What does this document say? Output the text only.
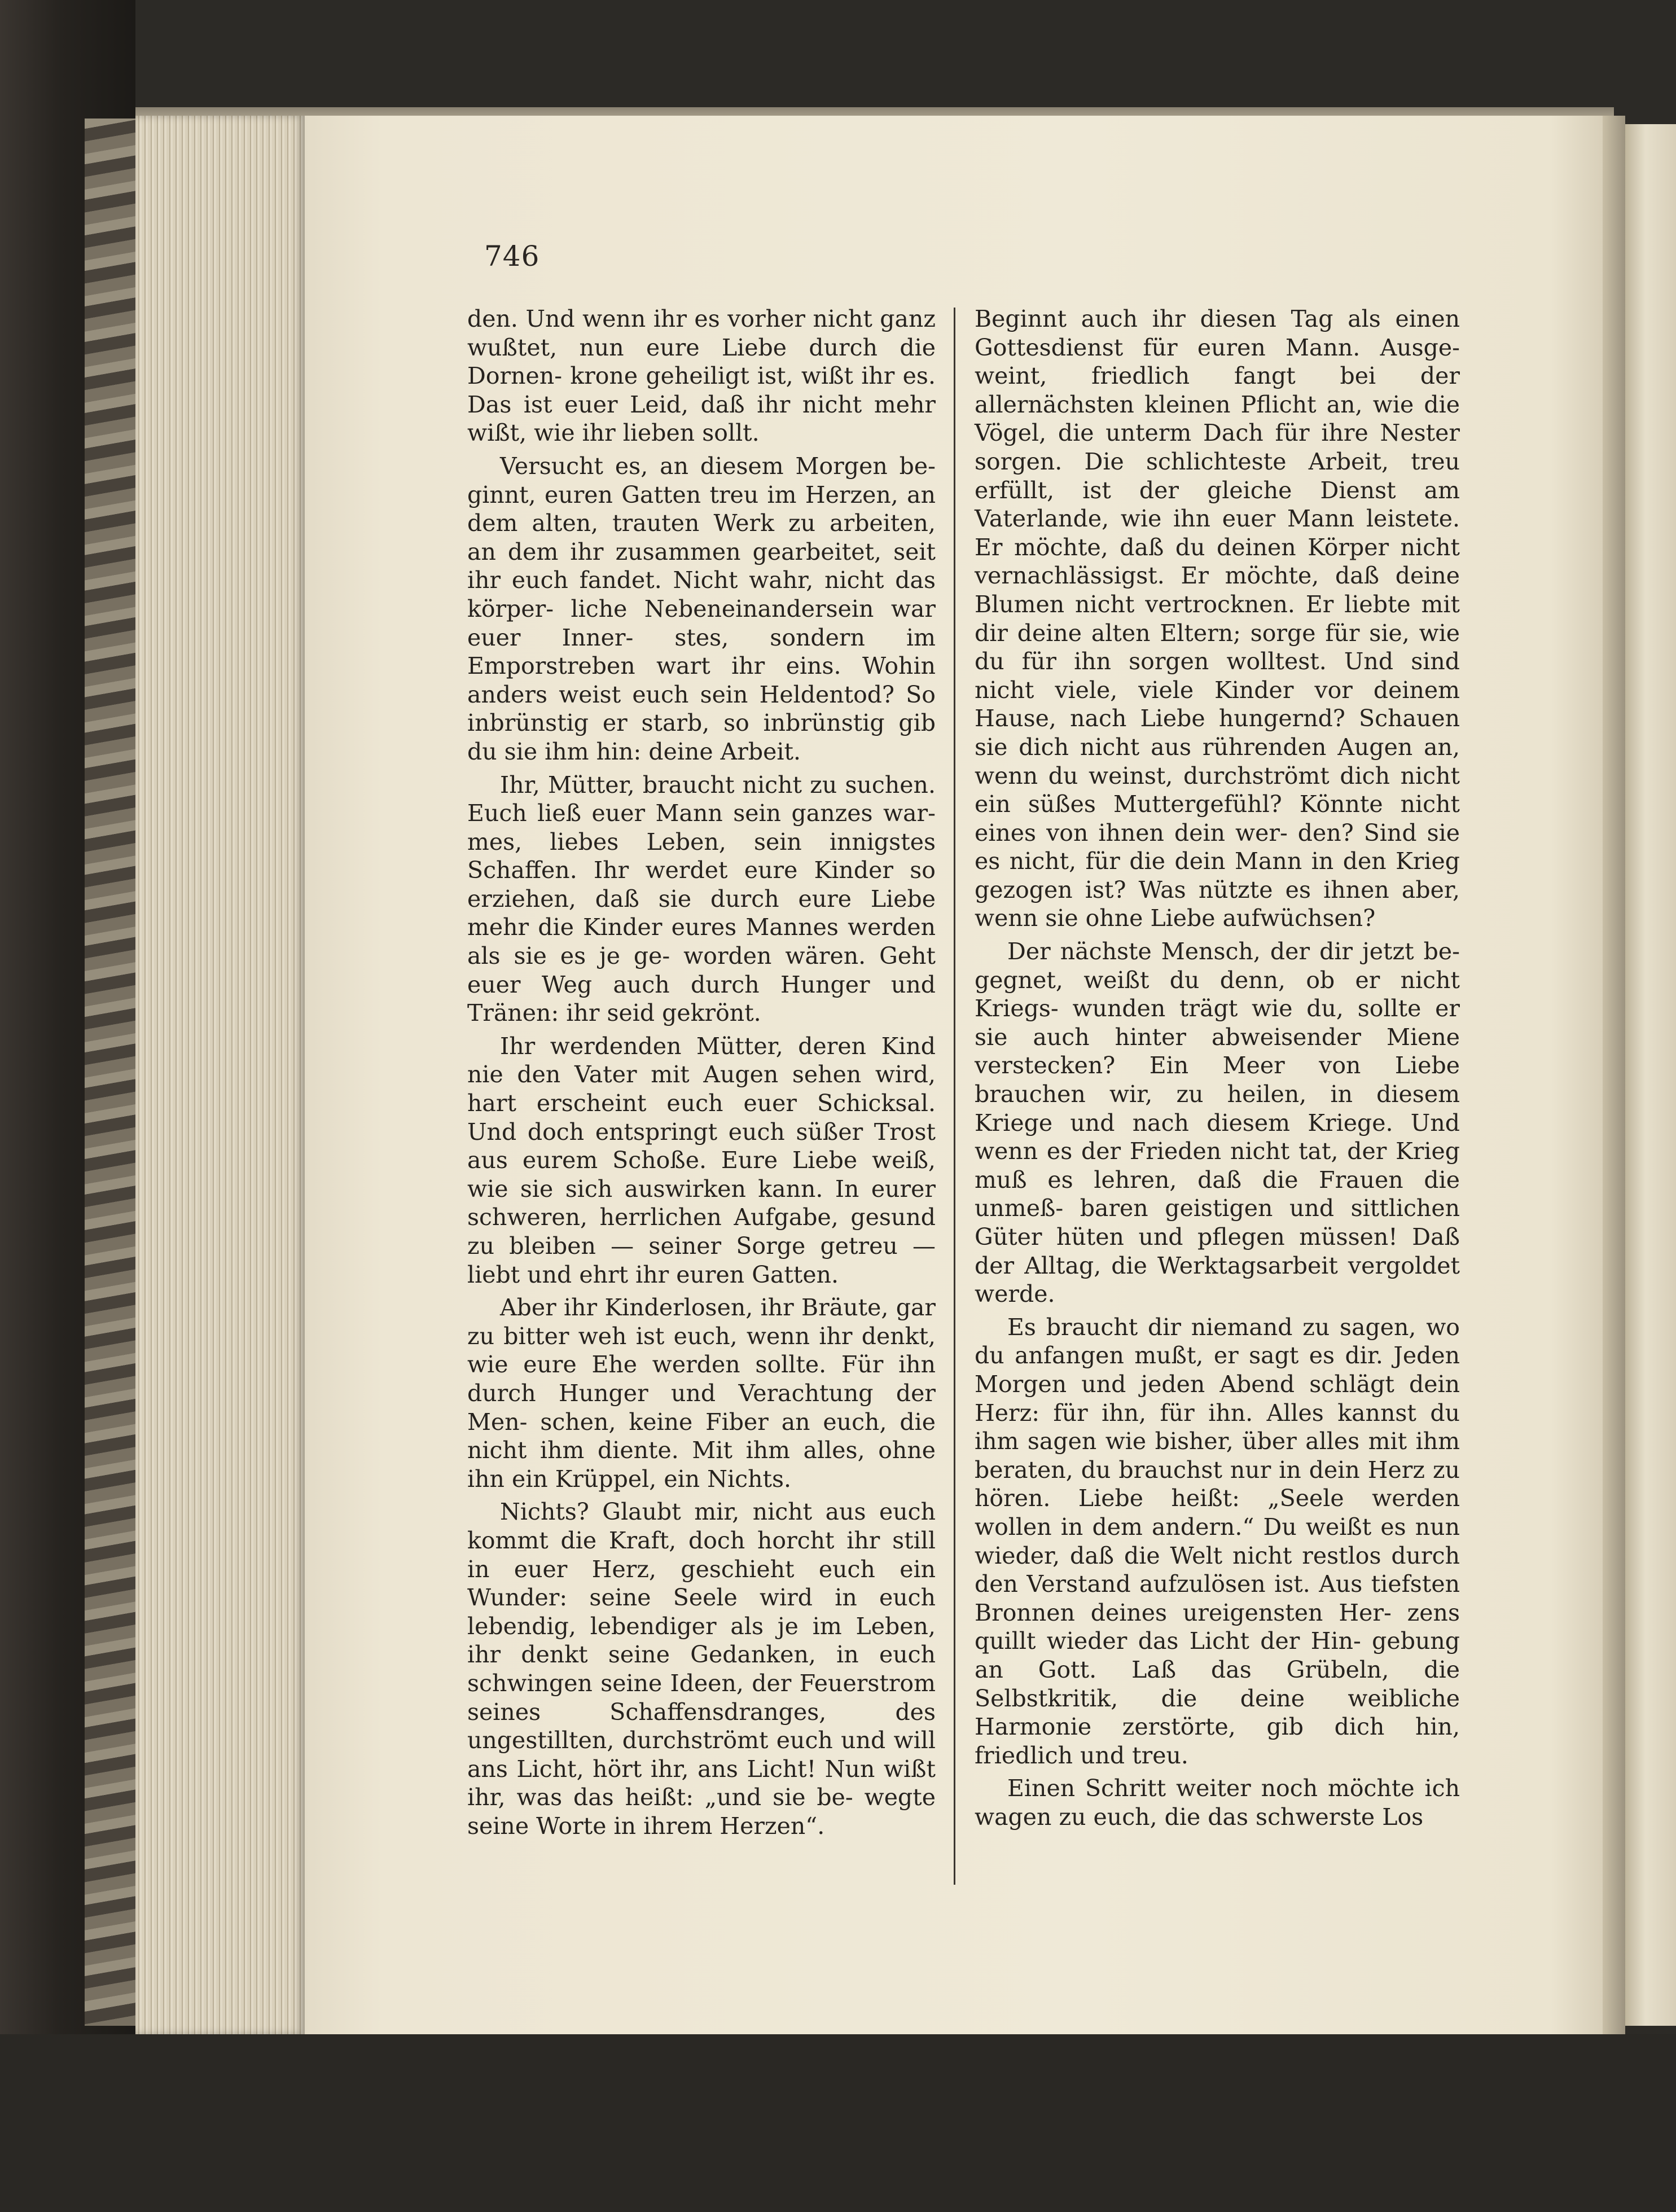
746

den. Und wenn ihr es vorher nicht ganz wußtet, nun eure Liebe durch die Dornen- krone geheiligt ist, wißt ihr es. Das ist euer Leid, daß ihr nicht mehr wißt, wie ihr lieben sollt.

Versucht es, an diesem Morgen be- ginnt, euren Gatten treu im Herzen, an dem alten, trauten Werk zu arbeiten, an dem ihr zusammen gearbeitet, seit ihr euch fandet. Nicht wahr, nicht das körper- liche Nebeneinandersein war euer Inner- stes, sondern im Emporstreben wart ihr eins. Wohin anders weist euch sein Heldentod? So inbrünstig er starb, so inbrünstig gib du sie ihm hin: deine Arbeit.

Ihr, Mütter, braucht nicht zu suchen. Euch ließ euer Mann sein ganzes war- mes, liebes Leben, sein innigstes Schaffen. Ihr werdet eure Kinder so erziehen, daß sie durch eure Liebe mehr die Kinder eures Mannes werden als sie es je ge- worden wären. Geht euer Weg auch durch Hunger und Tränen: ihr seid gekrönt.

Ihr werdenden Mütter, deren Kind nie den Vater mit Augen sehen wird, hart erscheint euch euer Schicksal. Und doch entspringt euch süßer Trost aus eurem Schoße. Eure Liebe weiß, wie sie sich auswirken kann. In eurer schweren, herrlichen Aufgabe, gesund zu bleiben — seiner Sorge getreu — liebt und ehrt ihr euren Gatten.

Aber ihr Kinderlosen, ihr Bräute, gar zu bitter weh ist euch, wenn ihr denkt, wie eure Ehe werden sollte. Für ihn durch Hunger und Verachtung der Men- schen, keine Fiber an euch, die nicht ihm diente. Mit ihm alles, ohne ihn ein Krüppel, ein Nichts.

Nichts? Glaubt mir, nicht aus euch kommt die Kraft, doch horcht ihr still in euer Herz, geschieht euch ein Wunder: seine Seele wird in euch lebendig, lebendiger als je im Leben, ihr denkt seine Gedanken, in euch schwingen seine Ideen, der Feuerstrom seines Schaffensdranges, des ungestillten, durchströmt euch und will ans Licht, hört ihr, ans Licht! Nun wißt ihr, was das heißt: „und sie be- wegte seine Worte in ihrem Herzen“.

Beginnt auch ihr diesen Tag als einen Gottesdienst für euren Mann. Ausge- weint, friedlich fangt bei der allernächsten kleinen Pflicht an, wie die Vögel, die unterm Dach für ihre Nester sorgen. Die schlichteste Arbeit, treu erfüllt, ist der gleiche Dienst am Vaterlande, wie ihn euer Mann leistete. Er möchte, daß du deinen Körper nicht vernachlässigst. Er möchte, daß deine Blumen nicht vertrocknen. Er liebte mit dir deine alten Eltern; sorge für sie, wie du für ihn sorgen wolltest. Und sind nicht viele, viele Kinder vor deinem Hause, nach Liebe hungernd? Schauen sie dich nicht aus rührenden Augen an, wenn du weinst, durchströmt dich nicht ein süßes Muttergefühl? Könnte nicht eines von ihnen dein wer- den? Sind sie es nicht, für die dein Mann in den Krieg gezogen ist? Was nützte es ihnen aber, wenn sie ohne Liebe aufwüchsen?

Der nächste Mensch, der dir jetzt be- gegnet, weißt du denn, ob er nicht Kriegs- wunden trägt wie du, sollte er sie auch hinter abweisender Miene verstecken? Ein Meer von Liebe brauchen wir, zu heilen, in diesem Kriege und nach diesem Kriege. Und wenn es der Frieden nicht tat, der Krieg muß es lehren, daß die Frauen die unmeß- baren geistigen und sittlichen Güter hüten und pflegen müssen! Daß der Alltag, die Werktagsarbeit vergoldet werde.

Es braucht dir niemand zu sagen, wo du anfangen mußt, er sagt es dir. Jeden Morgen und jeden Abend schlägt dein Herz: für ihn, für ihn. Alles kannst du ihm sagen wie bisher, über alles mit ihm beraten, du brauchst nur in dein Herz zu hören. Liebe heißt: „Seele werden wollen in dem andern.“ Du weißt es nun wieder, daß die Welt nicht restlos durch den Verstand aufzulösen ist. Aus tiefsten Bronnen deines ureigensten Her- zens quillt wieder das Licht der Hin- gebung an Gott. Laß das Grübeln, die Selbstkritik, die deine weibliche Harmonie zerstörte, gib dich hin, friedlich und treu.

Einen Schritt weiter noch möchte ich wagen zu euch, die das schwerste Los
